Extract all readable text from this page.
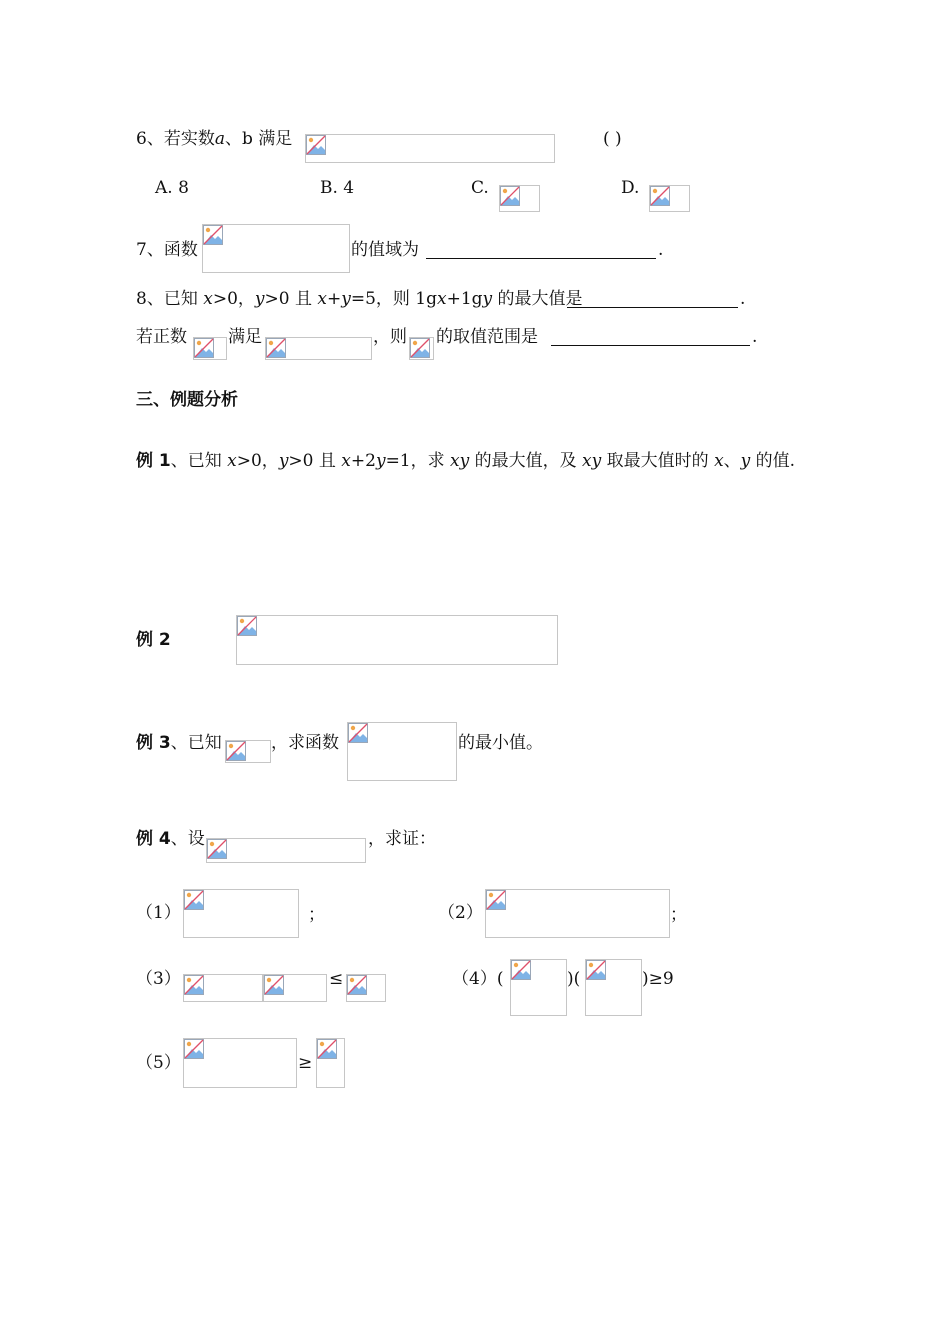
6、若实数a、b 满足	( )
A. 8	B. 4	C.	D.
7、函数	的值域为	.
8、已知 x>0，y>0 且 x+y=5，则 1gx+1gy 的最大值是	.
若正数 满足	，则 的取值范围是	.
三、例题分析
例 1、已知 x>0，y>0 且 x+2y=1，求 xy 的最大值，及 xy 取最大值时的 x、y 的值.
例 2
例 3、已知	，求函数	的最小值。
例 4、设	，求证：
（1）	；	（2）	；
（3）	≤	（4）(	)(	)≥9
（5）	≥
